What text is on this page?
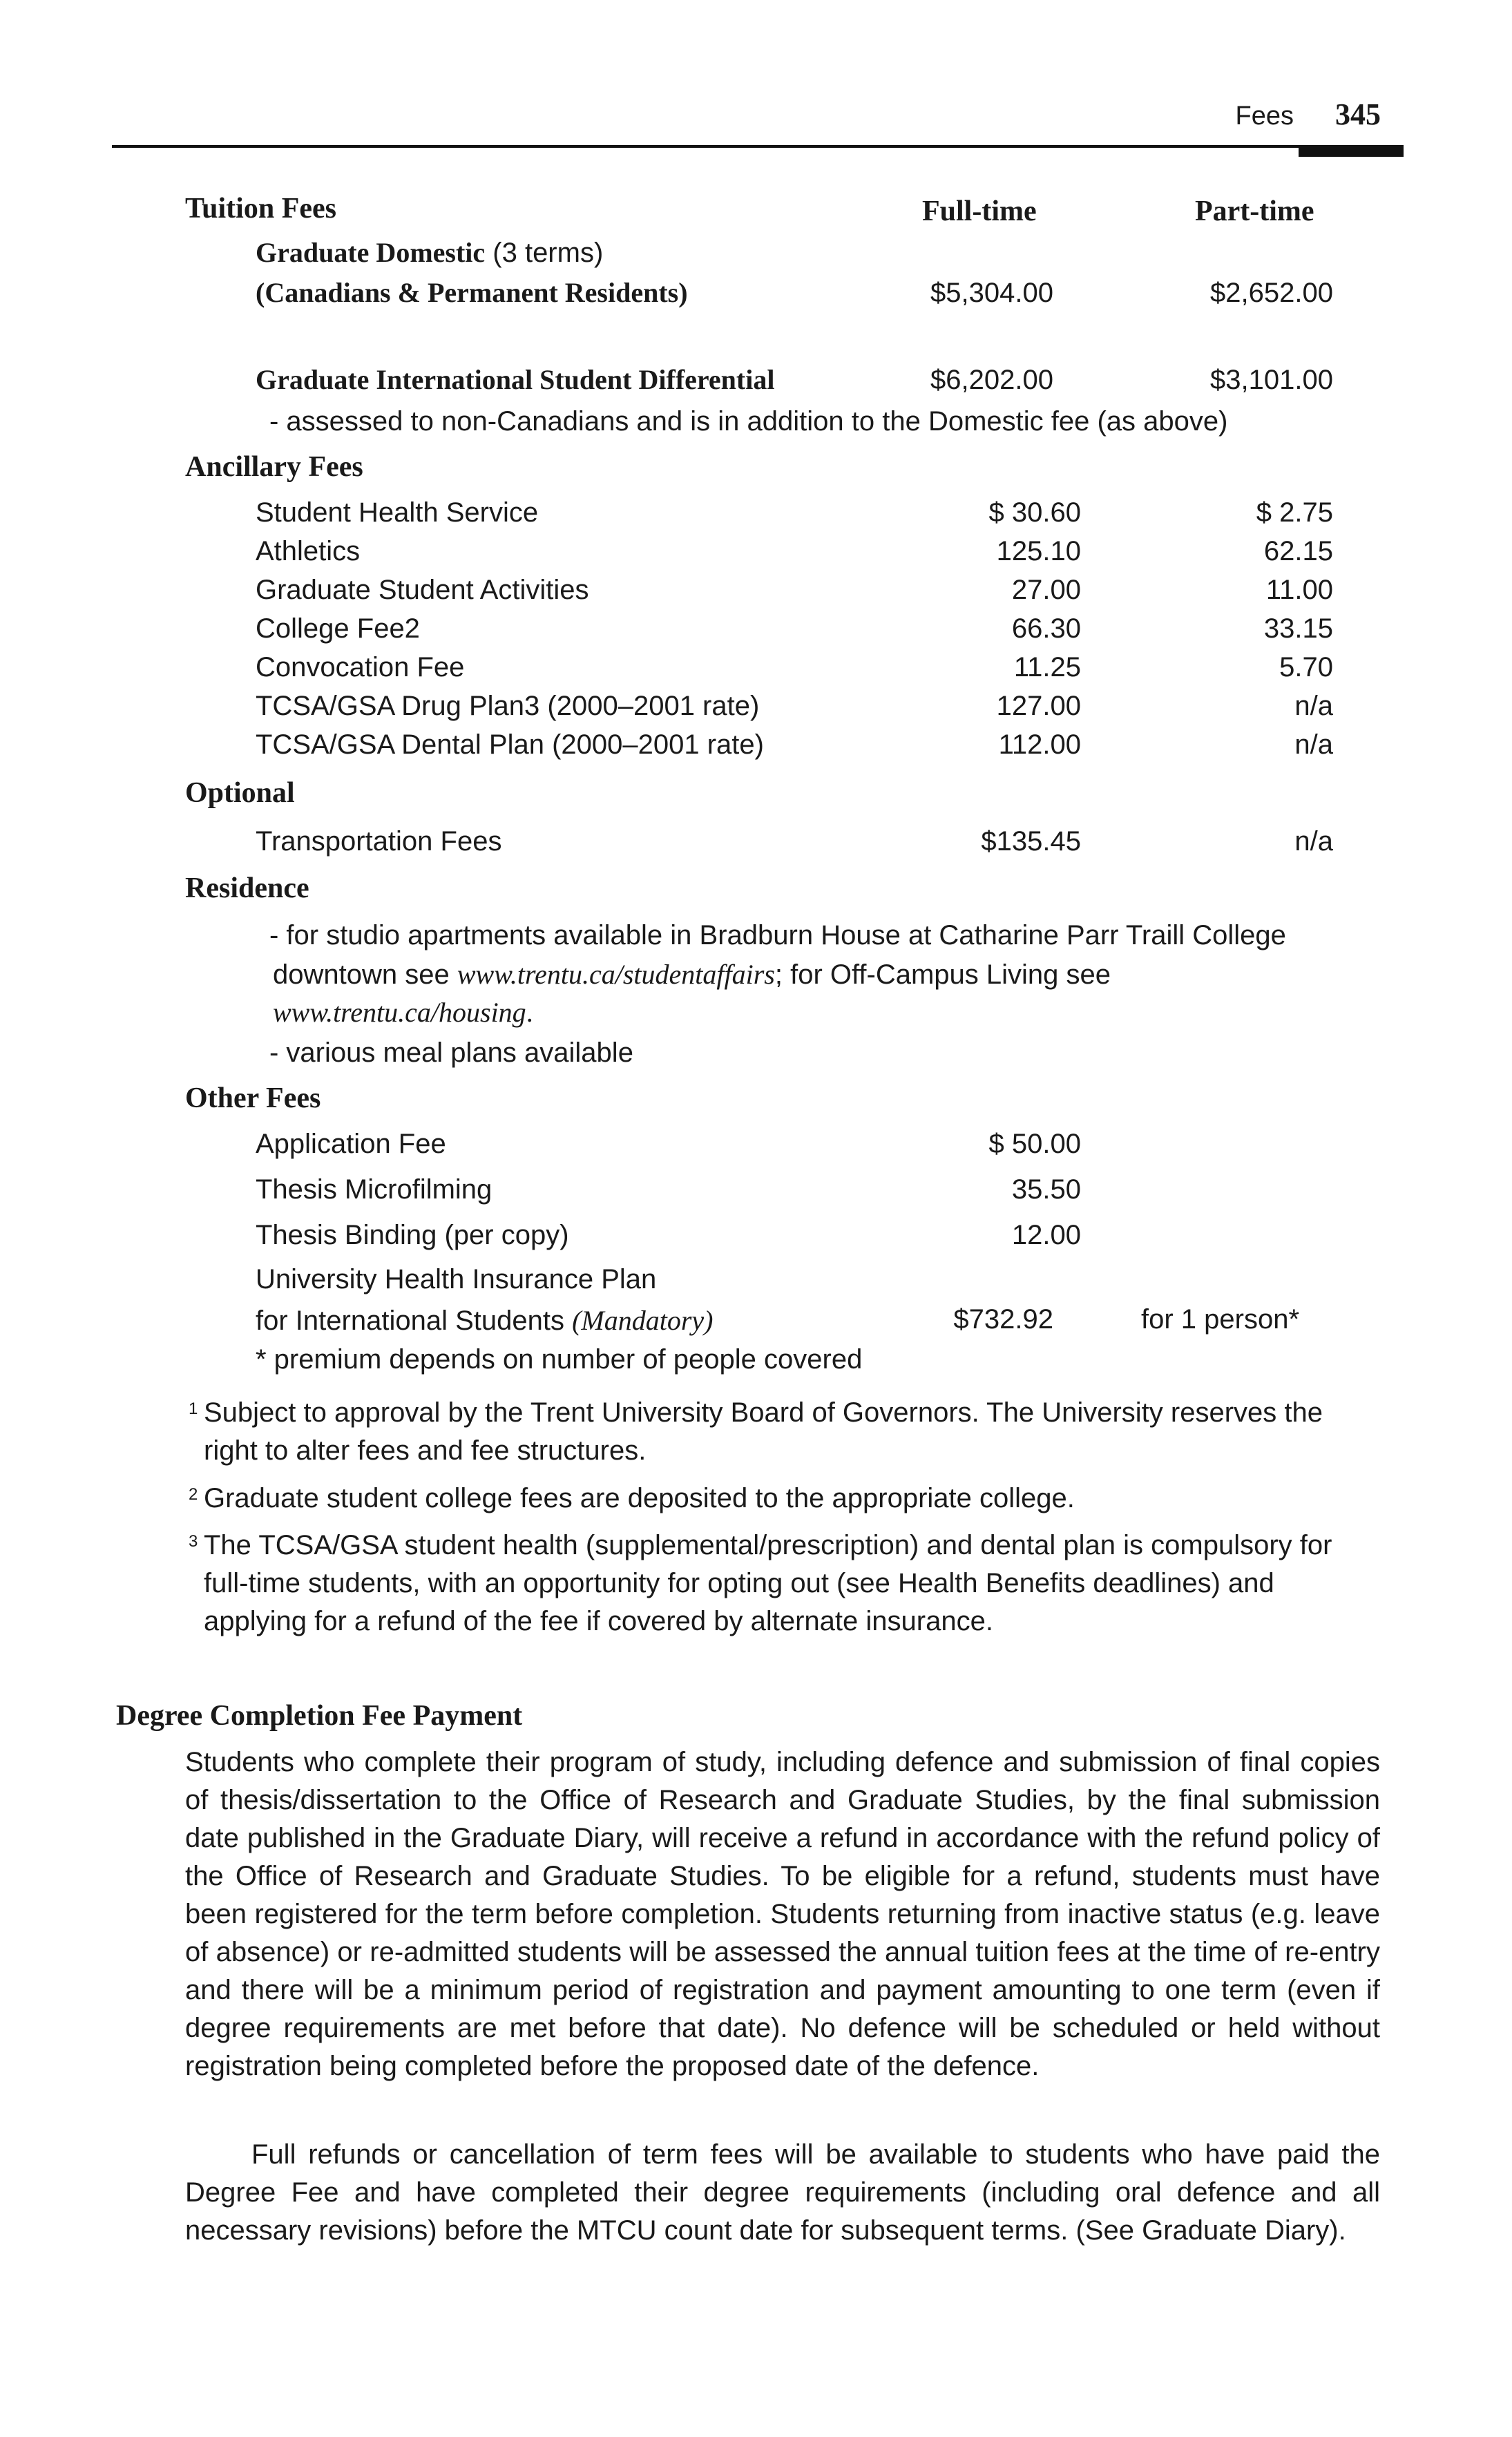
Fees 345
Tuition Fees	Full-time	Part-time
Graduate Domestic (3 terms)
(Canadians & Permanent Residents)	$5,304.00	$2,652.00
Graduate International Student Differential	$6,202.00	$3,101.00
- assessed to non-Canadians and is in addition to the Domestic fee (as above)
Ancillary Fees
Student Health Service	$ 30.60	$ 2.75
Athletics	125.10	62.15
Graduate Student Activities	27.00	11.00
College Fee2	66.30	33.15
Convocation Fee	11.25	5.70
TCSA/GSA Drug Plan3 (2000–2001 rate)	127.00	n/a
TCSA/GSA Dental Plan (2000–2001 rate)	112.00	n/a
Optional
Transportation Fees	$135.45	n/a
Residence
- for studio apartments available in Bradburn House at Catharine Parr Traill College
downtown see www.trentu.ca/studentaffairs; for Off-Campus Living see
www.trentu.ca/housing.
- various meal plans available
Other Fees
Application Fee	$ 50.00
Thesis Microfilming	35.50
Thesis Binding (per copy)	12.00
University Health Insurance Plan
for International Students (Mandatory)	$732.92	for 1 person*
* premium depends on number of people covered
1 Subject to approval by the Trent University Board of Governors. The University reserves the right to alter fees and fee structures.
2 Graduate student college fees are deposited to the appropriate college.
3 The TCSA/GSA student health (supplemental/prescription) and dental plan is compulsory for full-time students, with an opportunity for opting out (see Health Benefits deadlines) and applying for a refund of the fee if covered by alternate insurance.
Degree Completion Fee Payment
Students who complete their program of study, including defence and submission of final copies of thesis/dissertation to the Office of Research and Graduate Studies, by the final submission date published in the Graduate Diary, will receive a refund in accordance with the refund policy of the Office of Research and Graduate Studies. To be eligible for a refund, students must have been registered for the term before completion. Students returning from inactive status (e.g. leave of absence) or re-admitted students will be assessed the annual tuition fees at the time of re-entry and there will be a minimum period of registration and payment amounting to one term (even if degree requirements are met before that date). No defence will be scheduled or held without registration being completed before the proposed date of the defence.
Full refunds or cancellation of term fees will be available to students who have paid the Degree Fee and have completed their degree requirements (including oral defence and all necessary revisions) before the MTCU count date for subsequent terms. (See Graduate Diary).
